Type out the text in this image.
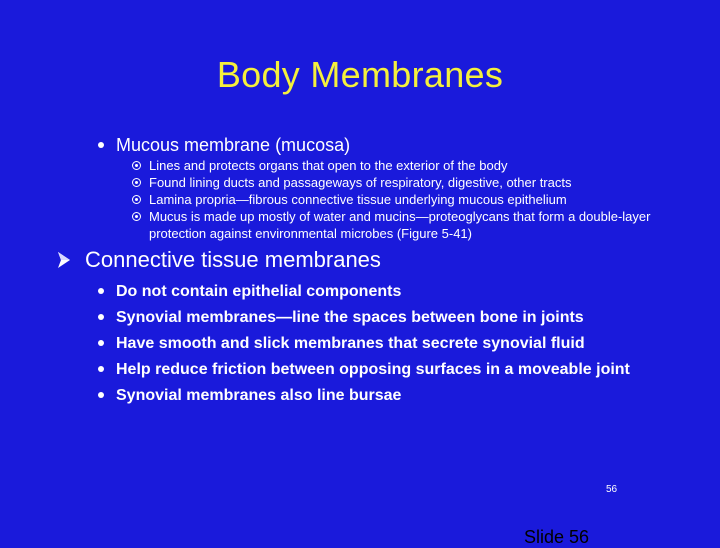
Body Membranes
Mucous membrane (mucosa)
Lines and protects organs that open to the exterior of the body
Found lining ducts and passageways of respiratory, digestive, other tracts
Lamina propria—fibrous connective tissue underlying mucous epithelium
Mucus is made up mostly of water and mucins—proteoglycans that form a double-layer protection against environmental microbes (Figure 5-41)
Connective tissue membranes
Do not contain epithelial components
Synovial membranes—line the spaces between bone in joints
Have smooth and slick membranes that secrete synovial fluid
Help reduce friction between opposing surfaces in a moveable joint
Synovial membranes also line bursae
56
Slide 56
